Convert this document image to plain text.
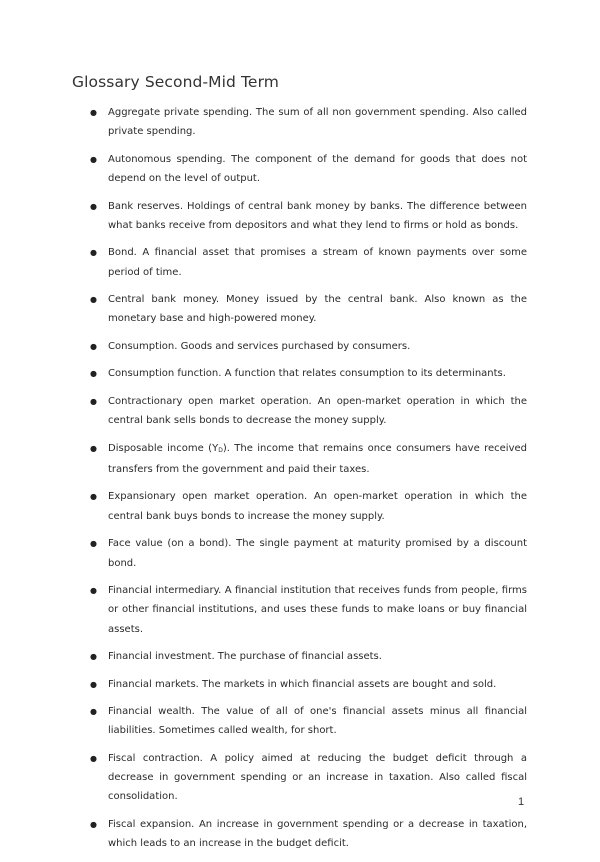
Glossary Second-Mid Term
● Aggregate private spending. The sum of all non government spending. Also called private spending.
● Autonomous spending. The component of the demand for goods that does not depend on the level of output.
● Bank reserves. Holdings of central bank money by banks. The difference between what banks receive from depositors and what they lend to firms or hold as bonds.
● Bond. A financial asset that promises a stream of known payments over some period of time.
● Central bank money. Money issued by the central bank. Also known as the monetary base and high-powered money.
● Consumption. Goods and services purchased by consumers.
● Consumption function. A function that relates consumption to its determinants.
● Contractionary open market operation. An open-market operation in which the central bank sells bonds to decrease the money supply.
● Disposable income (YD). The income that remains once consumers have received transfers from the government and paid their taxes.
● Expansionary open market operation. An open-market operation in which the central bank buys bonds to increase the money supply.
● Face value (on a bond). The single payment at maturity promised by a discount bond.
● Financial intermediary. A financial institution that receives funds from people, firms or other financial institutions, and uses these funds to make loans or buy financial assets.
● Financial investment. The purchase of financial assets.
● Financial markets. The markets in which financial assets are bought and sold.
● Financial wealth. The value of all of one's financial assets minus all financial liabilities. Sometimes called wealth, for short.
● Fiscal contraction. A policy aimed at reducing the budget deficit through a decrease in government spending or an increase in taxation. Also called fiscal consolidation.
● Fiscal expansion. An increase in government spending or a decrease in taxation, which leads to an increase in the budget deficit.
1
